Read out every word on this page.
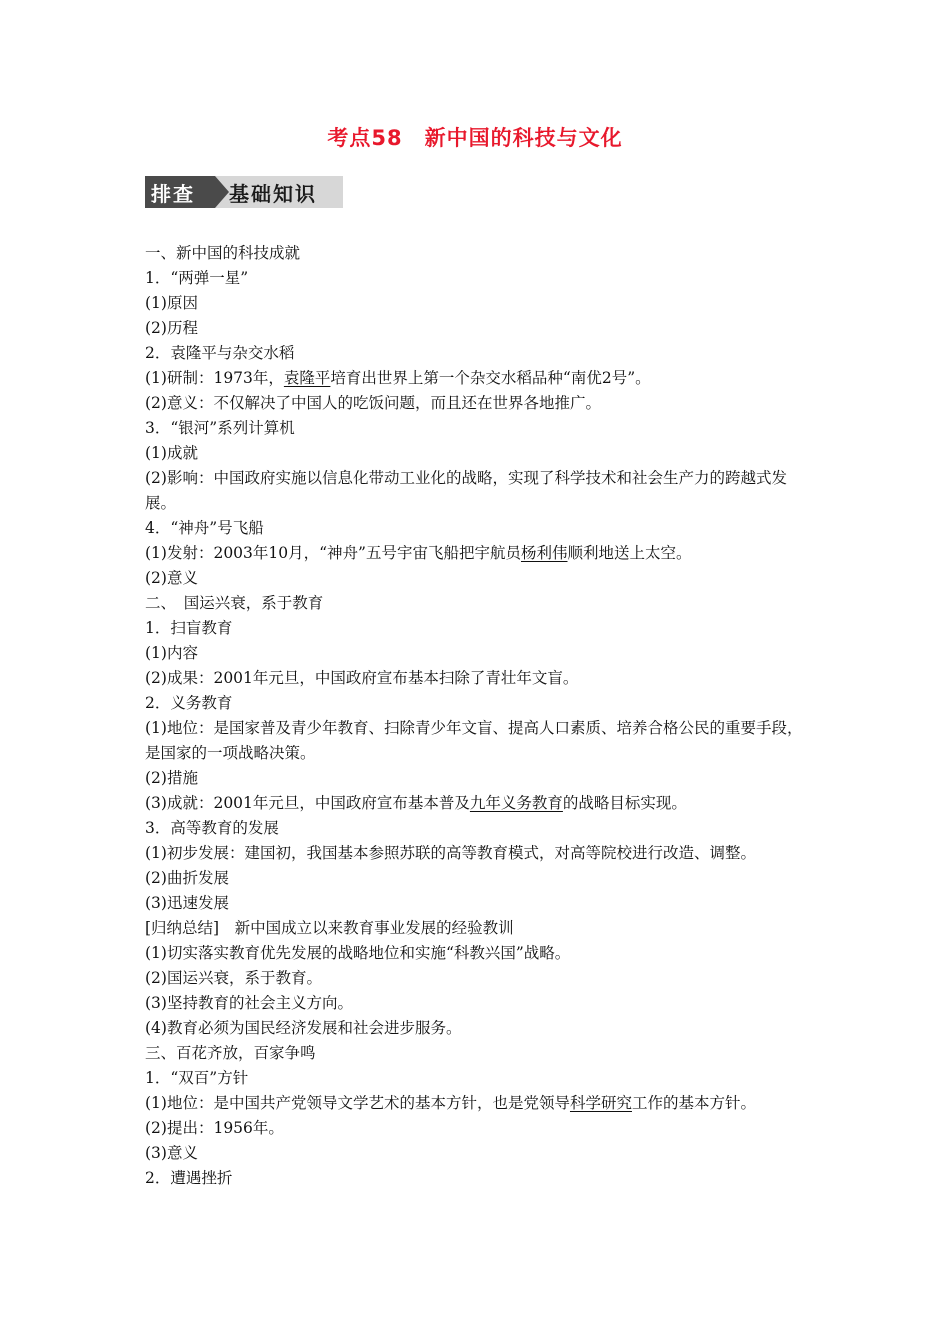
考点58　新中国的科技与文化
排查 基础知识
一、新中国的科技成就
1．“两弹一星”
(1)原因
(2)历程
2．袁隆平与杂交水稻
(1)研制：1973年，袁隆平培育出世界上第一个杂交水稻品种“南优2号”。
(2)意义：不仅解决了中国人的吃饭问题，而且还在世界各地推广。
3．“银河”系列计算机
(1)成就
(2)影响：中国政府实施以信息化带动工业化的战略，实现了科学技术和社会生产力的跨越式发展。
4．“神舟”号飞船
(1)发射：2003年10月，“神舟”五号宇宙飞船把宇航员杨利伟顺利地送上太空。
(2)意义
二、　国运兴衰，系于教育
1．扫盲教育
(1)内容
(2)成果：2001年元旦，中国政府宣布基本扫除了青壮年文盲。
2．义务教育
(1)地位：是国家普及青少年教育、扫除青少年文盲、提高人口素质、培养合格公民的重要手段，是国家的一项战略决策。
(2)措施
(3)成就：2001年元旦，中国政府宣布基本普及九年义务教育的战略目标实现。
3．高等教育的发展
(1)初步发展：建国初，我国基本参照苏联的高等教育模式，对高等院校进行改造、调整。
(2)曲折发展
(3)迅速发展
[归纳总结]　新中国成立以来教育事业发展的经验教训
(1)切实落实教育优先发展的战略地位和实施“科教兴国”战略。
(2)国运兴衰，系于教育。
(3)坚持教育的社会主义方向。
(4)教育必须为国民经济发展和社会进步服务。
三、百花齐放，百家争鸣
1．“双百”方针
(1)地位：是中国共产党领导文学艺术的基本方针，也是党领导科学研究工作的基本方针。
(2)提出：1956年。
(3)意义
2．遭遇挫折
